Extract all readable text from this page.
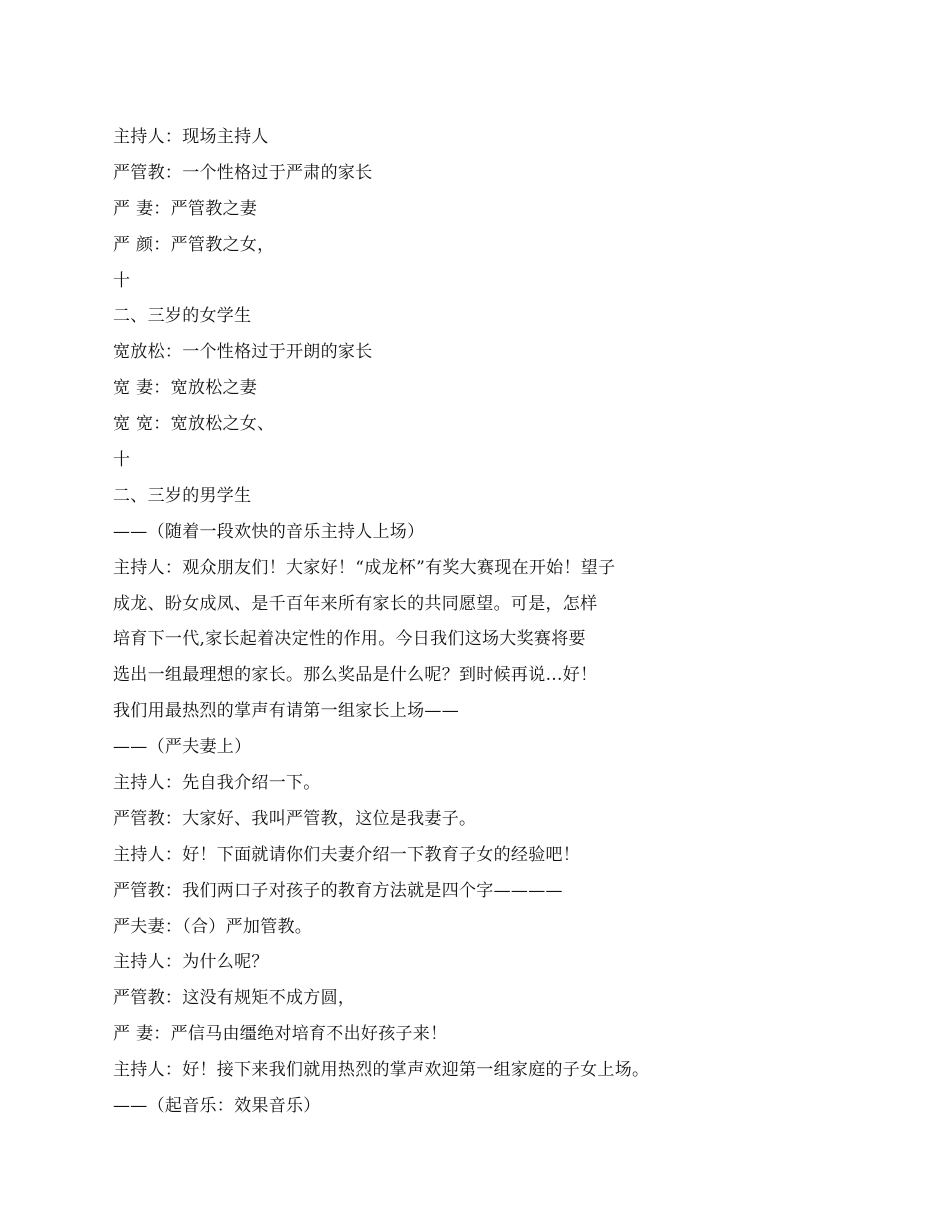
主持人：现场主持人
严管教：一个性格过于严肃的家长
严 妻：严管教之妻
严 颜：严管教之女，
十
二、三岁的女学生
宽放松：一个性格过于开朗的家长
宽 妻：宽放松之妻
宽 宽：宽放松之女、
十
二、三岁的男学生
——（随着一段欢快的音乐主持人上场）
主持人：观众朋友们！大家好！“成龙杯”有奖大赛现在开始！望子
成龙、盼女成凤、是千百年来所有家长的共同愿望。可是，怎样
培育下一代,家长起着决定性的作用。今日我们这场大奖赛将要
选出一组最理想的家长。那么奖品是什么呢？到时候再说…好！
我们用最热烈的掌声有请第一组家长上场——
——（严夫妻上）
主持人：先自我介绍一下。
严管教：大家好、我叫严管教，这位是我妻子。
主持人：好！下面就请你们夫妻介绍一下教育子女的经验吧！
严管教：我们两口子对孩子的教育方法就是四个字————
严夫妻：（合）严加管教。
主持人：为什么呢？
严管教：这没有规矩不成方圆，
严 妻：严信马由缰绝对培育不出好孩子来！
主持人：好！接下来我们就用热烈的掌声欢迎第一组家庭的子女上场。
——（起音乐：效果音乐）
